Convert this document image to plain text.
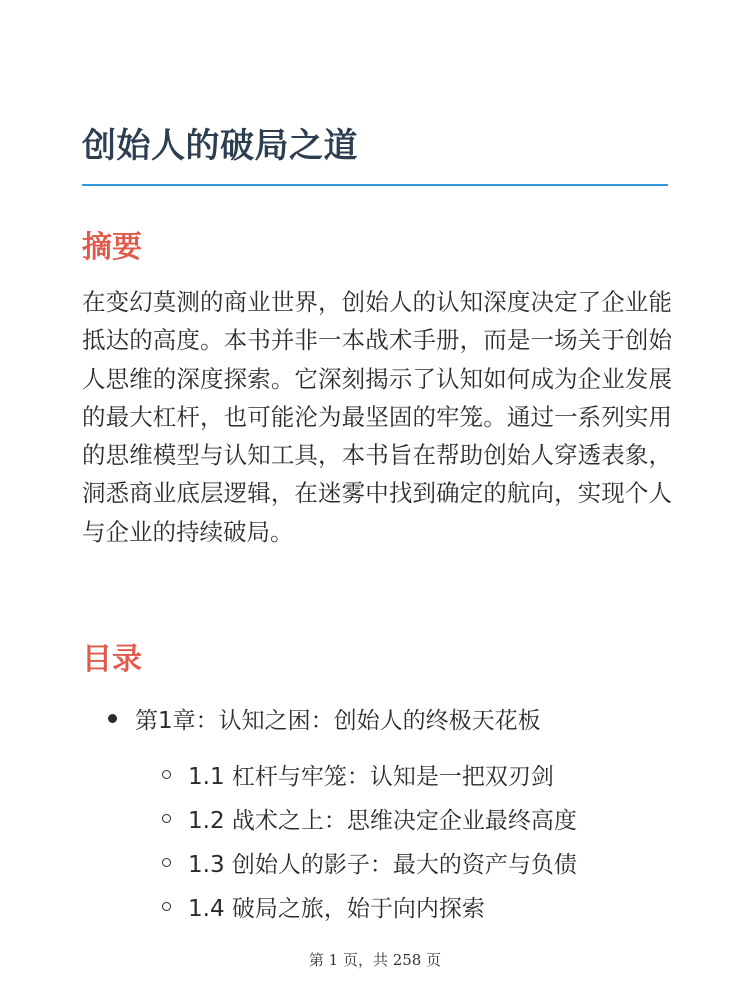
创始人的破局之道
摘要

在变幻莫测的商业世界，创始人的认知深度决定了企业能抵达的高度。本书并非一本战术手册，而是一场关于创始人思维的深度探索。它深刻揭示了认知如何成为企业发展的最大杠杆，也可能沦为最坚固的牢笼。通过一系列实用的思维模型与认知工具，本书旨在帮助创始人穿透表象，洞悉商业底层逻辑，在迷雾中找到确定的航向，实现个人与企业的持续破局。

目录
第1章：认知之困：创始人的终极天花板
1.1 杠杆与牢笼：认知是一把双刃剑
1.2 战术之上：思维决定企业最终高度
1.3 创始人的影子：最大的资产与负债
1.4 破局之旅，始于向内探索
第 1 页，共 258 页
